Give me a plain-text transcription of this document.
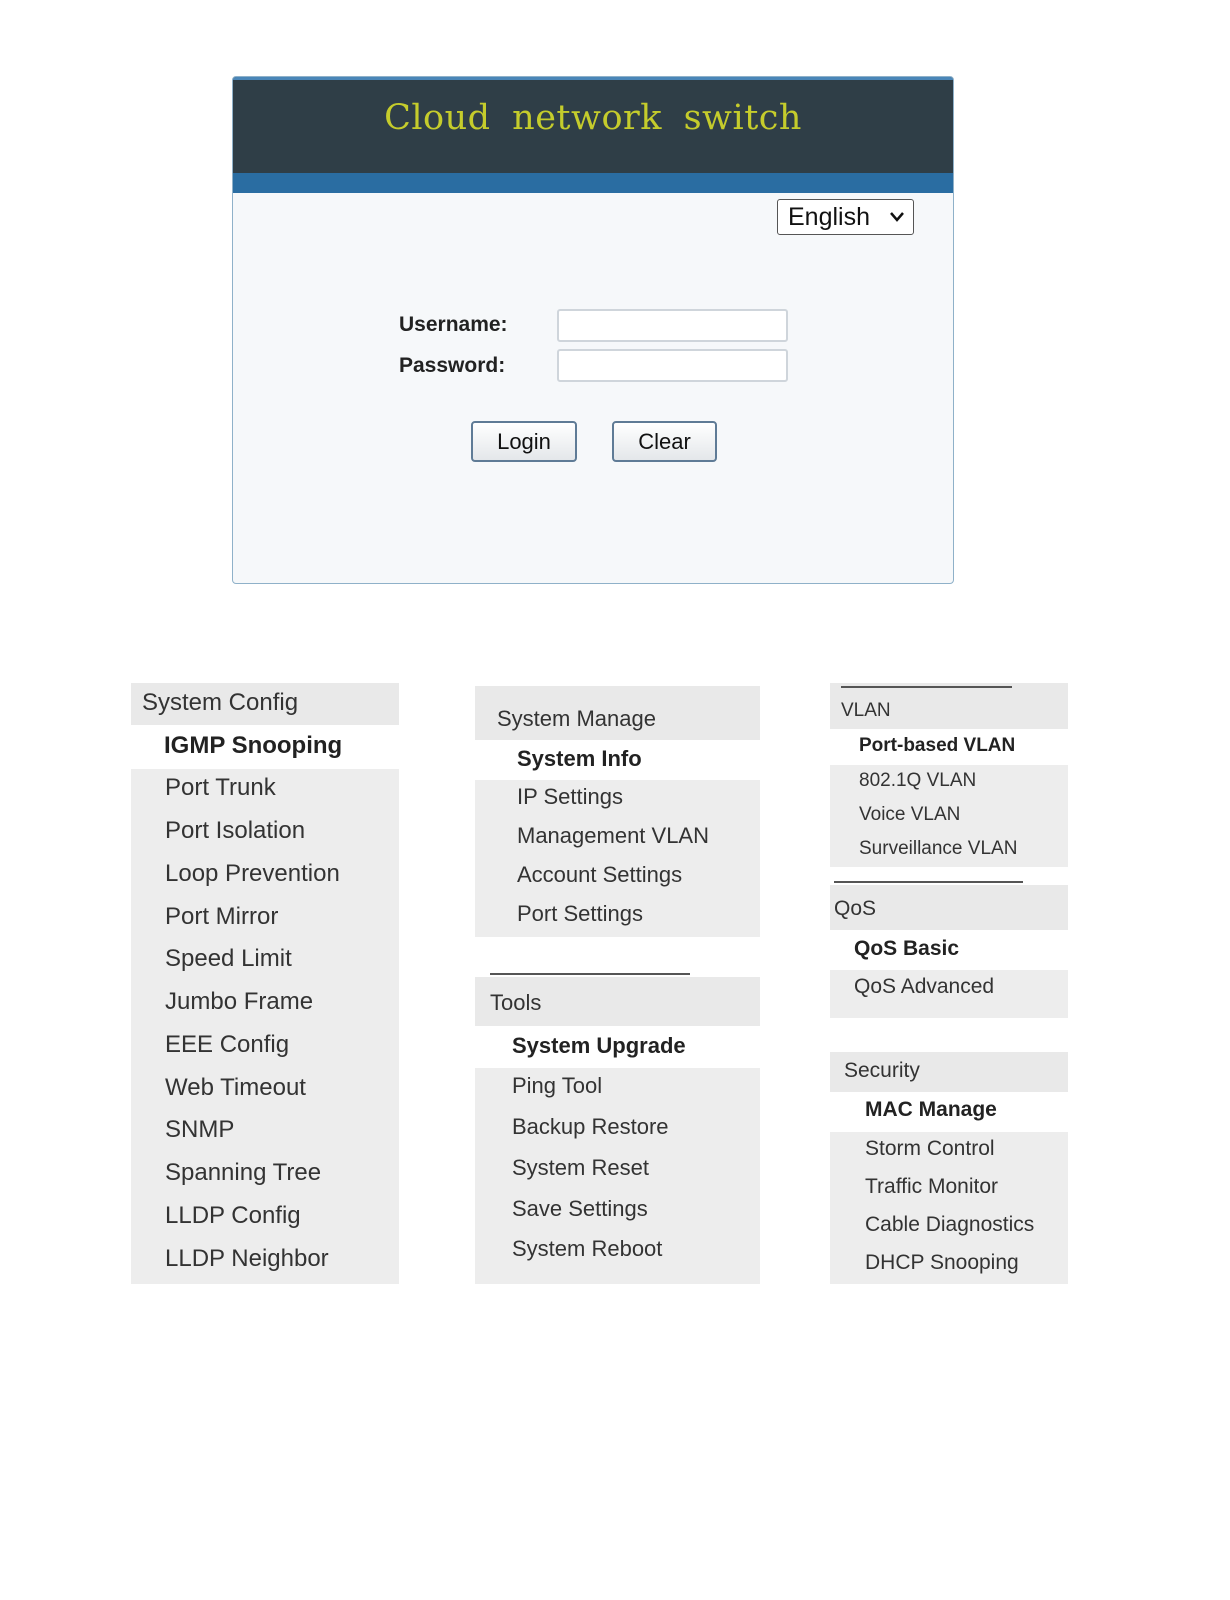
Cloud network switch
English
Username:
Password:
Login	Clear
System Config
IGMP Snooping
Port Trunk
Port Isolation
Loop Prevention
Port Mirror
Speed Limit
Jumbo Frame
EEE Config
Web Timeout
SNMP
Spanning Tree
LLDP Config
LLDP Neighbor
System Manage
System Info
IP Settings
Management VLAN
Account Settings
Port Settings
Tools
System Upgrade
Ping Tool
Backup Restore
System Reset
Save Settings
System Reboot
VLAN
Port-based VLAN
802.1Q VLAN
Voice VLAN
Surveillance VLAN
QoS
QoS Basic
QoS Advanced
Security
MAC Manage
Storm Control
Traffic Monitor
Cable Diagnostics
DHCP Snooping
